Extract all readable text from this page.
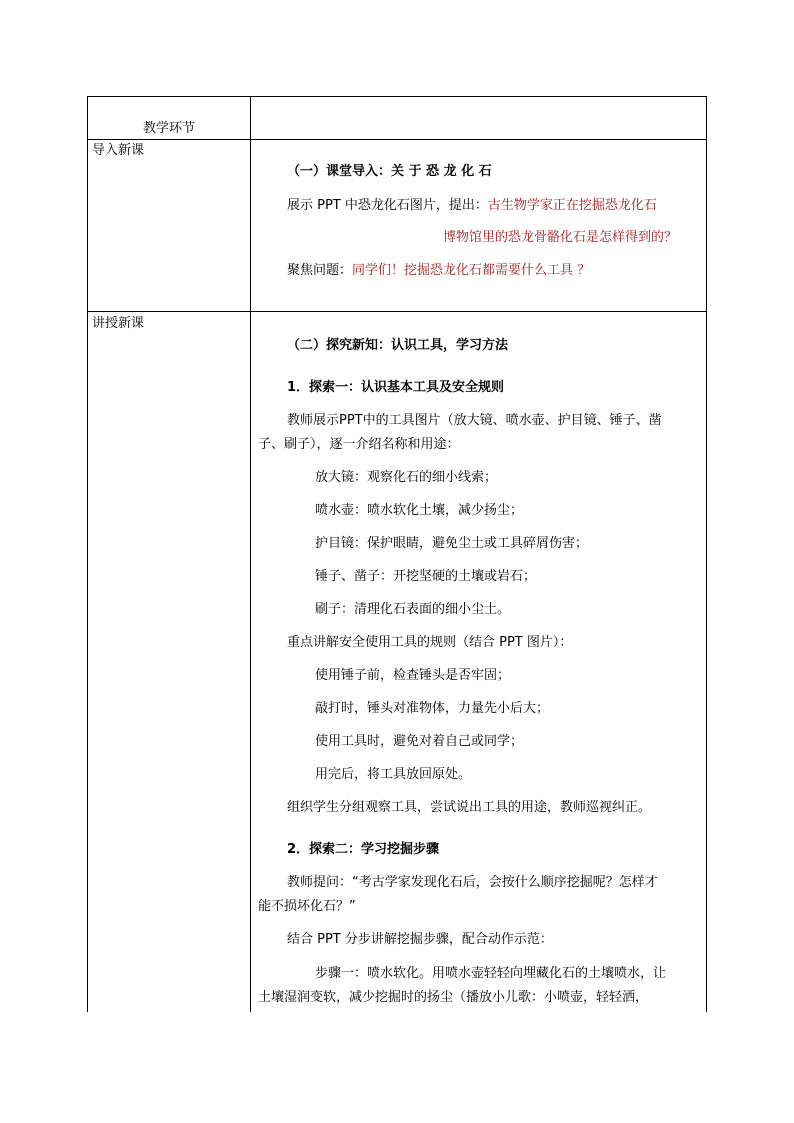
教学环节
导入新课
讲授新课
（一）课堂导入：关 于 恐 龙 化 石
展示 PPT 中恐龙化石图片，提出：古生物学家正在挖掘恐龙化石
博物馆里的恐龙骨骼化石是怎样得到的？
聚焦问题：同学们！挖掘恐龙化石都需要什么工具 ？
（二）探究新知：认识工具，学习方法
1．探索一：认识基本工具及安全规则
教师展示PPT中的工具图片（放大镜、喷水壶、护目镜、锤子、凿
子、刷子），逐一介绍名称和用途：
放大镜：观察化石的细小线索；
喷水壶：喷水软化土壤，减少扬尘；
护目镜：保护眼睛，避免尘土或工具碎屑伤害；
锤子、凿子：开挖坚硬的土壤或岩石；
刷子：清理化石表面的细小尘土。
重点讲解安全使用工具的规则（结合 PPT 图片）：
使用锤子前，检查锤头是否牢固；
敲打时，锤头对准物体，力量先小后大；
使用工具时，避免对着自己或同学；
用完后，将工具放回原处。
组织学生分组观察工具，尝试说出工具的用途，教师巡视纠正。
2．探索二：学习挖掘步骤
教师提问：“考古学家发现化石后，会按什么顺序挖掘呢？怎样才
能不损坏化石？”
结合 PPT 分步讲解挖掘步骤，配合动作示范：
步骤一：喷水软化。用喷水壶轻轻向埋藏化石的土壤喷水，让
土壤湿润变软，减少挖掘时的扬尘（播放小儿歌：小喷壶，轻轻洒，
